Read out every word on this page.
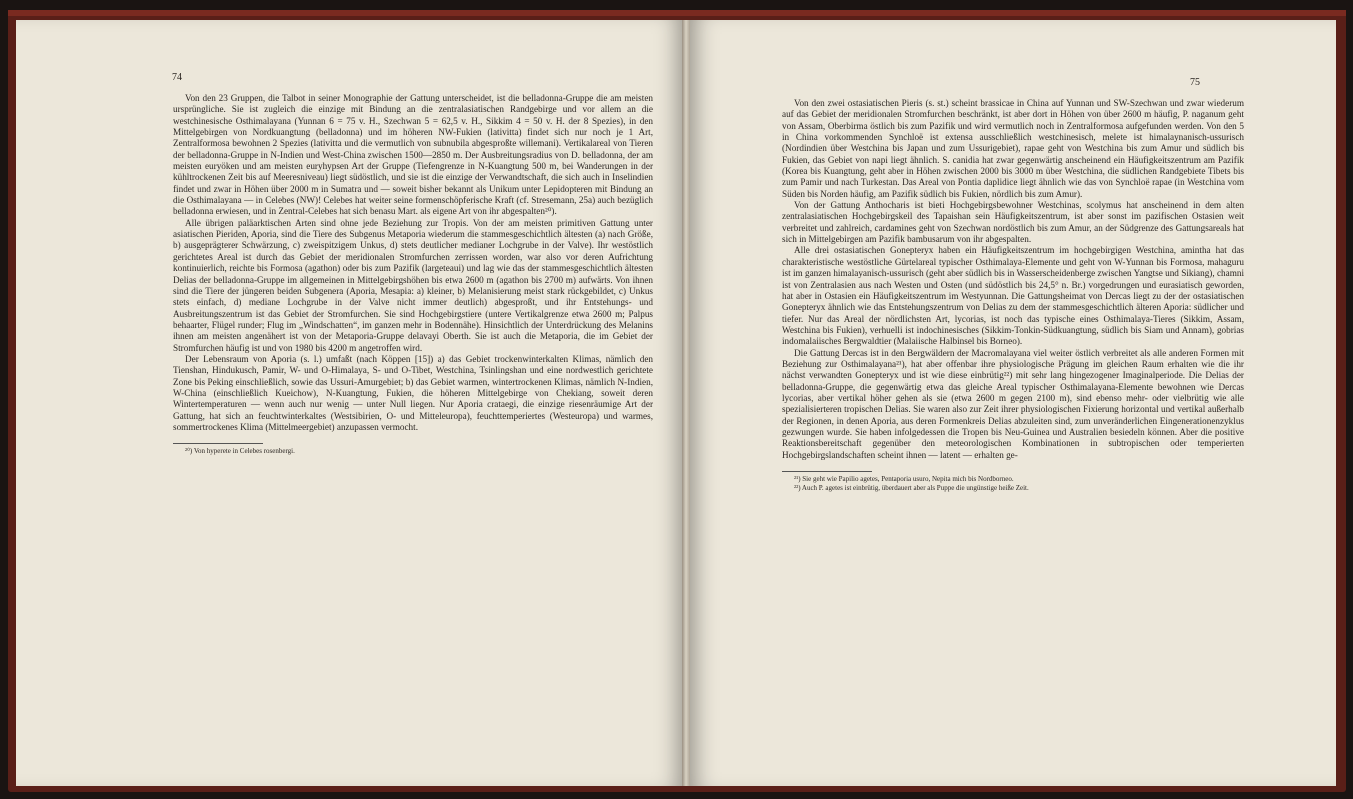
74

Von den 23 Gruppen, die Talbot in seiner Monographie der Gattung unterscheidet, ist die belladonna-Gruppe die am meisten ursprüngliche. Sie ist zugleich die einzige mit Bindung an die zentralasiatischen Randgebirge und vor allem an die westchinesische Osthimalayana (Yunnan 6 = 75 v. H., Szechwan 5 = 62,5 v. H., Sikkim 4 = 50 v. H. der 8 Spezies), in den Mittelgebirgen von Nordkuangtung (belladonna) und im höheren NW-Fukien (lativitta) findet sich nur noch je 1 Art, Zentralformosa bewohnen 2 Spezies (lativitta und die vermutlich von subnubila abgesproßte willemani). Vertikalareal von Tieren der belladonna-Gruppe in N-Indien und West-China zwischen 1500—2850 m. Der Ausbreitungsradius von D. belladonna, der am meisten euryöken und am meisten euryhypsen Art der Gruppe (Tiefengrenze in N-Kuangtung 500 m, bei Wanderungen in der kühltrockenen Zeit bis auf Meeresniveau) liegt südöstlich, und sie ist die einzige der Verwandtschaft, die sich auch in Inselindien findet und zwar in Höhen über 2000 m in Sumatra und — soweit bisher bekannt als Unikum unter Lepidopteren mit Bindung an die Osthimalayana — in Celebes (NW)! Celebes hat weiter seine formenschöpferische Kraft (cf. Stresemann, 25a) auch bezüglich belladonna erwiesen, und in Zentral-Celebes hat sich benasu Mart. als eigene Art von ihr abgespalten²⁰).

Alle übrigen paläarktischen Arten sind ohne jede Beziehung zur Tropis. Von der am meisten primitiven Gattung unter asiatischen Pieriden, Aporia, sind die Tiere des Subgenus Metaporia wiederum die stammesgeschichtlich ältesten (a) nach Größe, b) ausgeprägterer Schwärzung, c) zweispitzigem Unkus, d) stets deutlicher medianer Lochgrube in der Valve). Ihr westöstlich gerichtetes Areal ist durch das Gebiet der meridionalen Stromfurchen zerrissen worden, war also vor deren Aufrichtung kontinuierlich, reichte bis Formosa (agathon) oder bis zum Pazifik (largeteaui) und lag wie das der stammesgeschichtlich ältesten Delias der belladonna-Gruppe im allgemeinen in Mittelgebirgshöhen bis etwa 2600 m (agathon bis 2700 m) aufwärts. Von ihnen sind die Tiere der jüngeren beiden Subgenera (Aporia, Mesapia: a) kleiner, b) Melanisierung meist stark rückgebildet, c) Unkus stets einfach, d) mediane Lochgrube in der Valve nicht immer deutlich) abgesproßt, und ihr Entstehungs- und Ausbreitungszentrum ist das Gebiet der Stromfurchen. Sie sind Hochgebirgstiere (untere Vertikalgrenze etwa 2600 m; Palpus behaarter, Flügel runder; Flug im „Windschatten“, im ganzen mehr in Bodennähe). Hinsichtlich der Unterdrückung des Melanins ihnen am meisten angenähert ist von der Metaporia-Gruppe delavayi Oberth. Sie ist auch die Metaporia, die im Gebiet der Stromfurchen häufig ist und von 1980 bis 4200 m angetroffen wird.

Der Lebensraum von Aporia (s. l.) umfaßt (nach Köppen [15]) a) das Gebiet trockenwinterkalten Klimas, nämlich den Tienshan, Hindukusch, Pamir, W- und O-Himalaya, S- und O-Tibet, Westchina, Tsinlingshan und eine nordwestlich gerichtete Zone bis Peking einschließlich, sowie das Ussuri-Amurgebiet; b) das Gebiet warmen, wintertrockenen Klimas, nämlich N-Indien, W-China (einschließlich Kueichow), N-Kuangtung, Fukien, die höheren Mittelgebirge von Chekiang, soweit deren Wintertemperaturen — wenn auch nur wenig — unter Null liegen. Nur Aporia crataegi, die einzige riesenräumige Art der Gattung, hat sich an feuchtwinterkaltes (Westsibirien, O- und Mitteleuropa), feuchttemperiertes (Westeuropa) und warmes, sommertrockenes Klima (Mittelmeergebiet) anzupassen vermocht.

²⁰) Von hyperete in Celebes rosenbergi.

75

Von den zwei ostasiatischen Pieris (s. st.) scheint brassicae in China auf Yunnan und SW-Szechwan und zwar wiederum auf das Gebiet der meridionalen Stromfurchen beschränkt, ist aber dort in Höhen von über 2600 m häufig, P. naganum geht von Assam, Oberbirma östlich bis zum Pazifik und wird vermutlich noch in Zentralformosa aufgefunden werden. Von den 5 in China vorkommenden Synchloë ist extensa ausschließlich westchinesisch, melete ist himalaynanisch-ussurisch (Nordindien über Westchina bis Japan und zum Ussurigebiet), rapae geht von Westchina bis zum Amur und südlich bis Fukien, das Gebiet von napi liegt ähnlich. S. canidia hat zwar gegenwärtig anscheinend ein Häufigkeitszentrum am Pazifik (Korea bis Kuangtung, geht aber in Höhen zwischen 2000 bis 3000 m über Westchina, die südlichen Randgebiete Tibets bis zum Pamir und nach Turkestan. Das Areal von Pontia daplidice liegt ähnlich wie das von Synchloë rapae (in Westchina vom Süden bis Norden häufig, am Pazifik südlich bis Fukien, nördlich bis zum Amur).

Von der Gattung Anthocharis ist bieti Hochgebirgsbewohner Westchinas, scolymus hat anscheinend in dem alten zentralasiatischen Hochgebirgskeil des Tapaishan sein Häufigkeitszentrum, ist aber sonst im pazifischen Ostasien weit verbreitet und zahlreich, cardamines geht von Szechwan nordöstlich bis zum Amur, an der Südgrenze des Gattungsareals hat sich in Mittelgebirgen am Pazifik bambusarum von ihr abgespalten.

Alle drei ostasiatischen Gonepteryx haben ein Häufigkeitszentrum im hochgebirgigen Westchina, amintha hat das charakteristische westöstliche Gürtelareal typischer Osthimalaya-Elemente und geht von W-Yunnan bis Formosa, mahaguru ist im ganzen himalayanisch-ussurisch (geht aber südlich bis in Wasserscheidenberge zwischen Yangtse und Sikiang), chamni ist von Zentralasien aus nach Westen und Osten (und südöstlich bis 24,5° n. Br.) vorgedrungen und eurasiatisch geworden, hat aber in Ostasien ein Häufigkeitszentrum im Westyunnan. Die Gattungsheimat von Dercas liegt zu der der ostasiatischen Gonepteryx ähnlich wie das Entstehungszentrum von Delias zu dem der stammesgeschichtlich älteren Aporia: südlicher und tiefer. Nur das Areal der nördlichsten Art, lycorias, ist noch das typische eines Osthimalaya-Tieres (Sikkim, Assam, Westchina bis Fukien), verhuelli ist indochinesisches (Sikkim-Tonkin-Südkuangtung, südlich bis Siam und Annam), gobrias indomalaiisches Bergwaldtier (Malaiische Halbinsel bis Borneo).

Die Gattung Dercas ist in den Bergwäldern der Macromalayana viel weiter östlich verbreitet als alle anderen Formen mit Beziehung zur Osthimalayana²¹), hat aber offenbar ihre physiologische Prägung im gleichen Raum erhalten wie die ihr nächst verwandten Gonepteryx und ist wie diese einbrütig²²) mit sehr lang hingezogener Imaginalperiode. Die Delias der belladonna-Gruppe, die gegenwärtig etwa das gleiche Areal typischer Osthimalayana-Elemente bewohnen wie Dercas lycorias, aber vertikal höher gehen als sie (etwa 2600 m gegen 2100 m), sind ebenso mehr- oder vielbrütig wie alle spezialisierteren tropischen Delias. Sie waren also zur Zeit ihrer physiologischen Fixierung horizontal und vertikal außerhalb der Regionen, in denen Aporia, aus deren Formenkreis Delias abzuleiten sind, zum unveränderlichen Eingenerationenzyklus gezwungen wurde. Sie haben infolgedessen die Tropen bis Neu-Guinea und Australien besiedeln können. Aber die positive Reaktionsbereitschaft gegenüber den meteorologischen Kombinationen in subtropischen oder temperierten Hochgebirgslandschaften scheint ihnen — latent — erhalten ge-

²¹) Sie geht wie Papilio agetes, Pentaporia usuro, Nepita mich bis Nordborneo.

²²) Auch P. agetes ist einbrütig, überdauert aber als Puppe die ungünstige heiße Zeit.
